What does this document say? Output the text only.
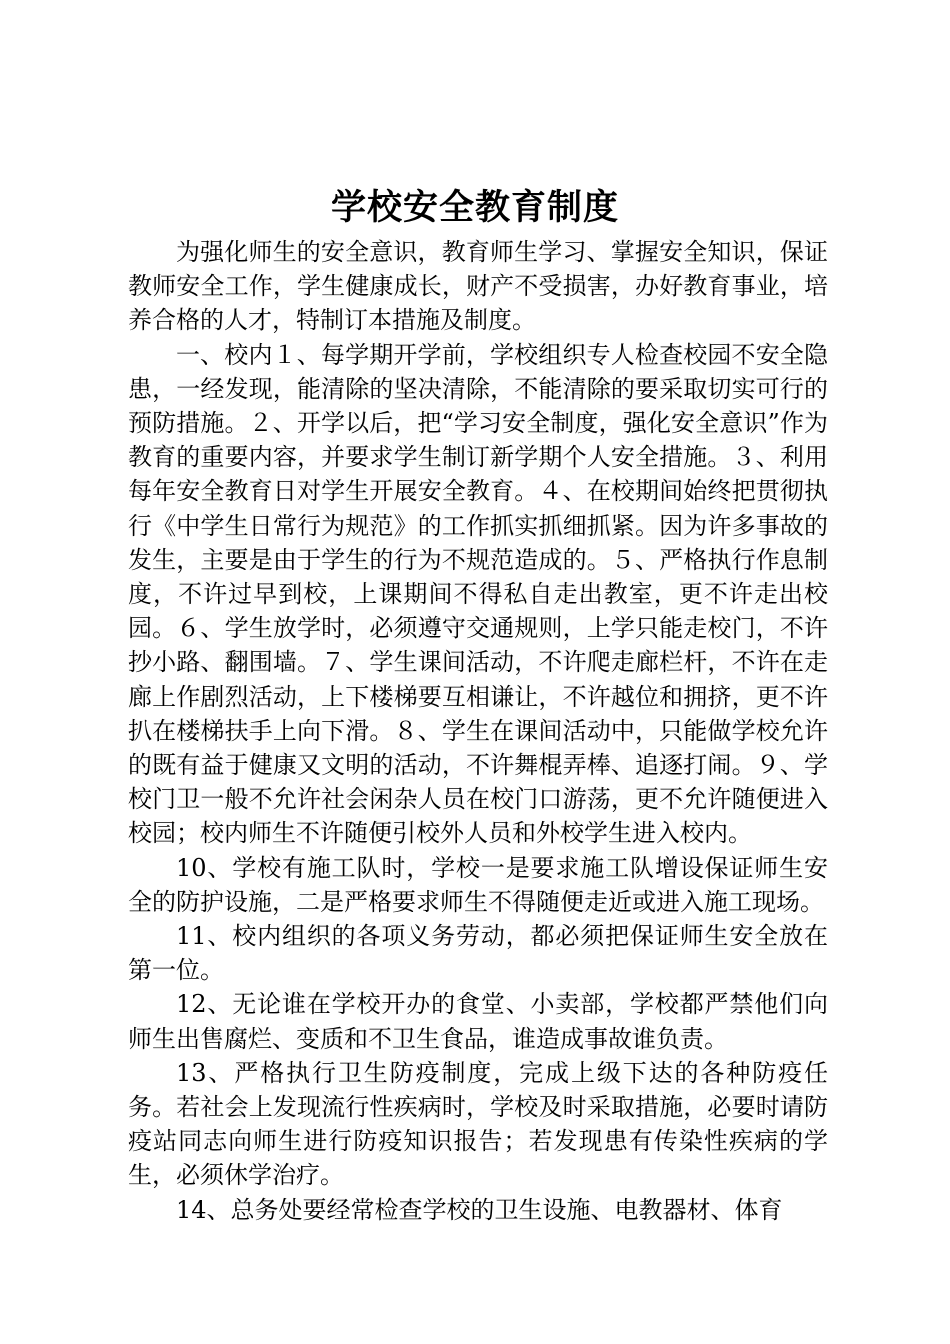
学校安全教育制度

为强化师生的安全意识，教育师生学习、掌握安全知识，保证教师安全工作，学生健康成长，财产不受损害，办好教育事业，培养合格的人才，特制订本措施及制度。

一、校内１、每学期开学前，学校组织专人检查校园不安全隐患，一经发现，能清除的坚决清除，不能清除的要采取切实可行的预防措施。２、开学以后，把“学习安全制度，强化安全意识”作为教育的重要内容，并要求学生制订新学期个人安全措施。３、利用每年安全教育日对学生开展安全教育。４、在校期间始终把贯彻执行《中学生日常行为规范》的工作抓实抓细抓紧。因为许多事故的发生，主要是由于学生的行为不规范造成的。５、严格执行作息制度，不许过早到校，上课期间不得私自走出教室，更不许走出校园。６、学生放学时，必须遵守交通规则，上学只能走校门，不许抄小路、翻围墙。７、学生课间活动，不许爬走廊栏杆，不许在走廊上作剧烈活动，上下楼梯要互相谦让，不许越位和拥挤，更不许扒在楼梯扶手上向下滑。８、学生在课间活动中，只能做学校允许的既有益于健康又文明的活动，不许舞棍弄棒、追逐打闹。９、学校门卫一般不允许社会闲杂人员在校门口游荡，更不允许随便进入校园；校内师生不许随便引校外人员和外校学生进入校内。

10、学校有施工队时，学校一是要求施工队增设保证师生安全的防护设施，二是严格要求师生不得随便走近或进入施工现场。

11、校内组织的各项义务劳动，都必须把保证师生安全放在第一位。

12、无论谁在学校开办的食堂、小卖部，学校都严禁他们向师生出售腐烂、变质和不卫生食品，谁造成事故谁负责。

13、严格执行卫生防疫制度，完成上级下达的各种防疫任务。若社会上发现流行性疾病时，学校及时采取措施，必要时请防疫站同志向师生进行防疫知识报告；若发现患有传染性疾病的学生，必须休学治疗。

14、总务处要经常检查学校的卫生设施、电教器材、体育
